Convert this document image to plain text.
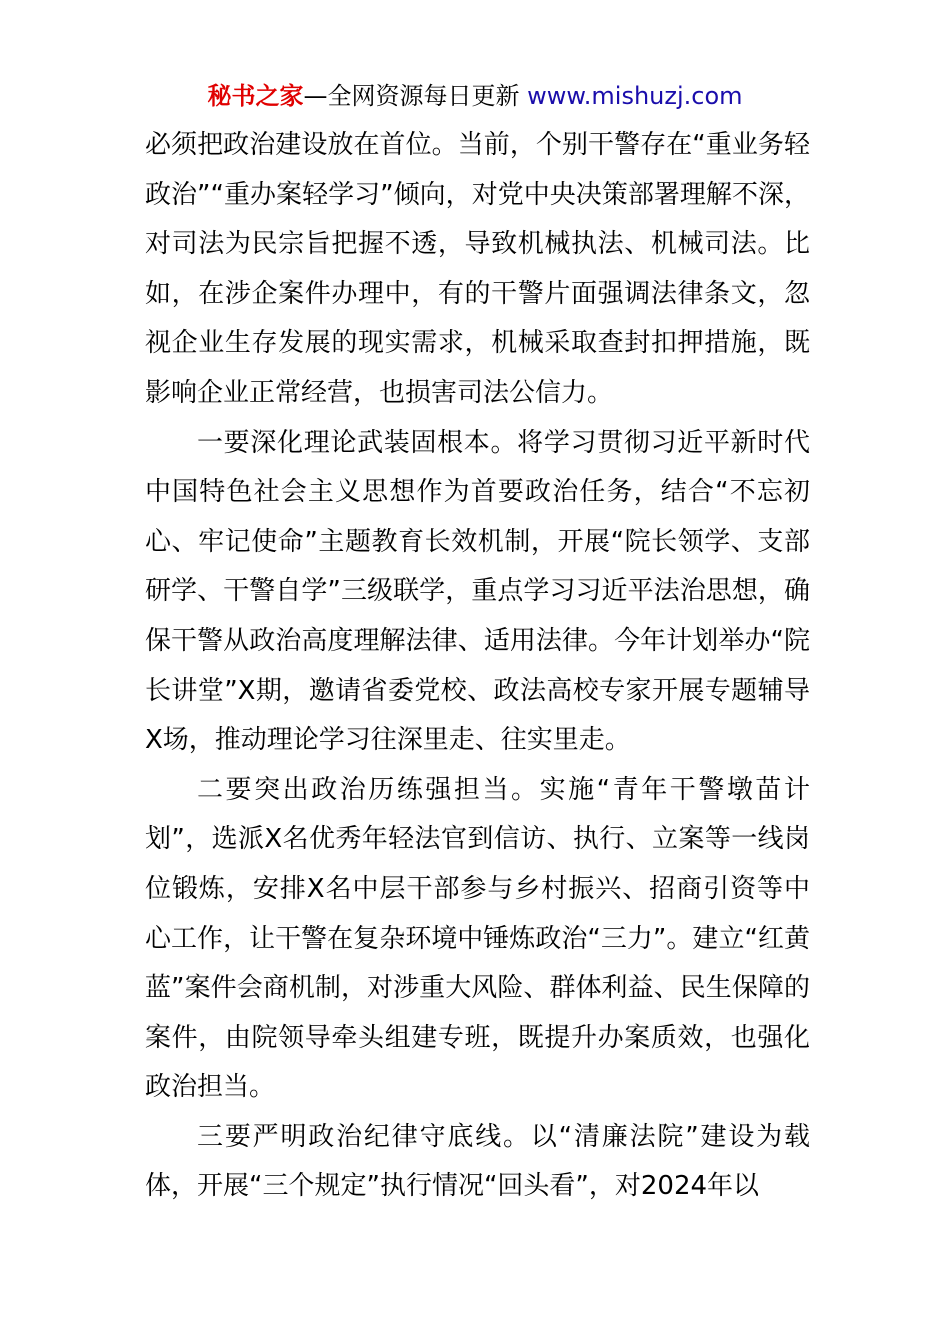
秘书之家—全网资源每日更新 www.mishuzj.com

必须把政治建设放在首位。当前，个别干警存在“重业务轻政治”“重办案轻学习”倾向，对党中央决策部署理解不深，对司法为民宗旨把握不透，导致机械执法、机械司法。比如，在涉企案件办理中，有的干警片面强调法律条文，忽视企业生存发展的现实需求，机械采取查封扣押措施，既影响企业正常经营，也损害司法公信力。

一要深化理论武装固根本。将学习贯彻习近平新时代中国特色社会主义思想作为首要政治任务，结合“不忘初心、牢记使命”主题教育长效机制，开展“院长领学、支部研学、干警自学”三级联学，重点学习习近平法治思想，确保干警从政治高度理解法律、适用法律。今年计划举办“院长讲堂”X期，邀请省委党校、政法高校专家开展专题辅导X场，推动理论学习往深里走、往实里走。

二要突出政治历练强担当。实施“青年干警墩苗计划”，选派X名优秀年轻法官到信访、执行、立案等一线岗位锻炼，安排X名中层干部参与乡村振兴、招商引资等中心工作，让干警在复杂环境中锤炼政治“三力”。建立“红黄蓝”案件会商机制，对涉重大风险、群体利益、民生保障的案件，由院领导牵头组建专班，既提升办案质效，也强化政治担当。

三要严明政治纪律守底线。以“清廉法院”建设为载体，开展“三个规定”执行情况“回头看”，对2024年以
